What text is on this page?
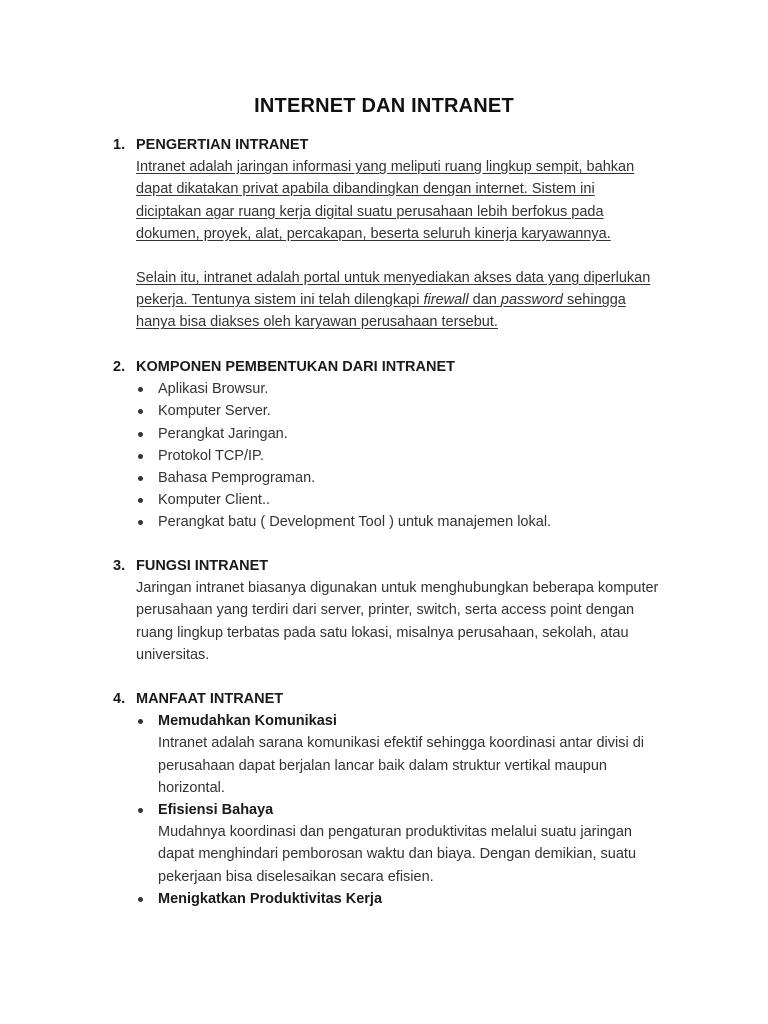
INTERNET DAN INTRANET
1. PENGERTIAN INTRANET
Intranet adalah jaringan informasi yang meliputi ruang lingkup sempit, bahkan
dapat dikatakan privat apabila dibandingkan dengan internet. Sistem ini
diciptakan agar ruang kerja digital suatu perusahaan lebih berfokus pada
dokumen, proyek, alat, percakapan, beserta seluruh kinerja karyawannya.
Selain itu, intranet adalah portal untuk menyediakan akses data yang diperlukan
pekerja. Tentunya sistem ini telah dilengkapi firewall dan password sehingga
hanya bisa diakses oleh karyawan perusahaan tersebut.
2. KOMPONEN PEMBENTUKAN DARI INTRANET
Aplikasi Browsur.
Komputer Server.
Perangkat Jaringan.
Protokol TCP/IP.
Bahasa Pemprograman.
Komputer Client..
Perangkat batu ( Development Tool ) untuk manajemen lokal.
3. FUNGSI INTRANET
Jaringan intranet biasanya digunakan untuk menghubungkan beberapa komputer
perusahaan yang terdiri dari server, printer, switch, serta access point dengan
ruang lingkup terbatas pada satu lokasi, misalnya perusahaan, sekolah, atau
universitas.
4. MANFAAT INTRANET
Memudahkan Komunikasi
Intranet adalah sarana komunikasi efektif sehingga koordinasi antar divisi di
perusahaan dapat berjalan lancar baik dalam struktur vertikal maupun
horizontal.
Efisiensi Bahaya
Mudahnya koordinasi dan pengaturan produktivitas melalui suatu jaringan
dapat menghindari pemborosan waktu dan biaya. Dengan demikian, suatu
pekerjaan bisa diselesaikan secara efisien.
Menigkatkan Produktivitas Kerja
